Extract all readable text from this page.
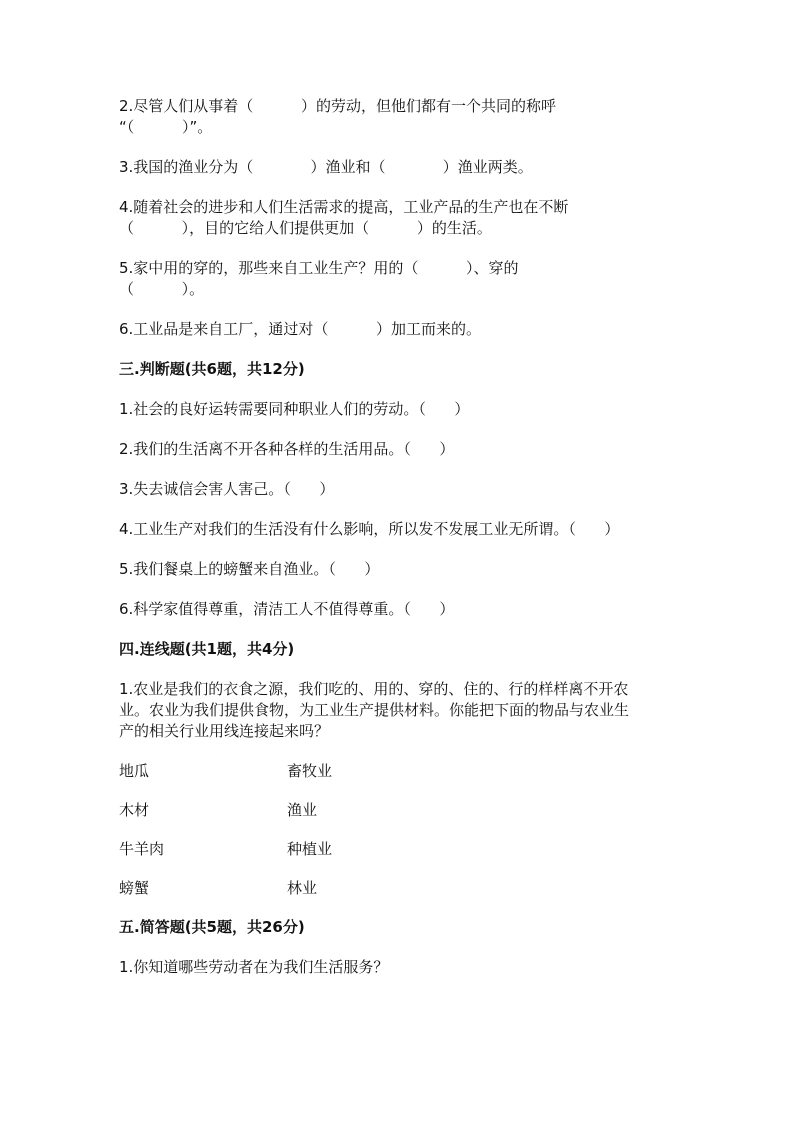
2.尽管人们从事着（          ）的劳动，但他们都有一个共同的称呼

“（          ）”。

3.我国的渔业分为（            ）渔业和（            ）渔业两类。

4.随着社会的进步和人们生活需求的提高，工业产品的生产也在不断

（          ），目的它给人们提供更加（          ）的生活。

5.家中用的穿的，那些来自工业生产？用的（          ）、穿的

（          ）。

6.工业品是来自工厂，通过对（          ）加工而来的。

三.判断题(共6题，共12分)

1.社会的良好运转需要同种职业人们的劳动。（      ）

2.我们的生活离不开各种各样的生活用品。（      ）

3.失去诚信会害人害己。（      ）

4.工业生产对我们的生活没有什么影响，所以发不发展工业无所谓。（      ）

5.我们餐桌上的螃蟹来自渔业。（      ）

6.科学家值得尊重，清洁工人不值得尊重。（      ）

四.连线题(共1题，共4分)

1.农业是我们的衣食之源，我们吃的、用的、穿的、住的、行的样样离不开农

业。农业为我们提供食物，为工业生产提供材料。你能把下面的物品与农业生

产的相关行业用线连接起来吗？

地瓜	畜牧业
木材	渔业
牛羊肉	种植业
螃蟹	林业

五.简答题(共5题，共26分)

1.你知道哪些劳动者在为我们生活服务？
